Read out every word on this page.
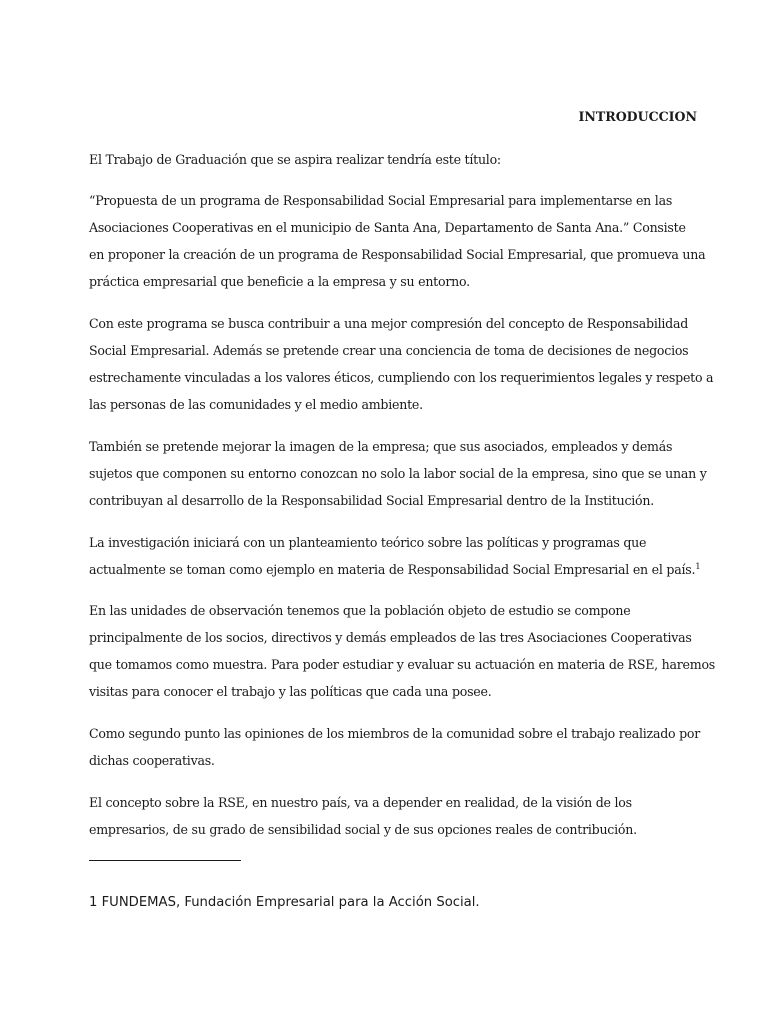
INTRODUCCION

El Trabajo de Graduación que se aspira realizar tendría este título:

“Propuesta de un programa de Responsabilidad Social Empresarial para implementarse en las
Asociaciones Cooperativas en el municipio de Santa Ana, Departamento de Santa Ana.” Consiste
en proponer la creación de un programa de Responsabilidad Social Empresarial, que promueva una
práctica empresarial que beneficie a la empresa y su entorno.

Con este programa se busca contribuir a una mejor compresión del concepto de Responsabilidad
Social Empresarial. Además se pretende crear una conciencia de toma de decisiones de negocios
estrechamente vinculadas a los valores éticos, cumpliendo con los requerimientos legales y respeto a
las personas de las comunidades y el medio ambiente.

También se pretende mejorar la imagen de la empresa; que sus asociados, empleados y demás
sujetos que componen su entorno conozcan no solo la labor social de la empresa, sino que se unan y
contribuyan al desarrollo de la Responsabilidad Social Empresarial dentro de la Institución.

La investigación iniciará con un planteamiento teórico sobre las políticas y programas que
actualmente se toman como ejemplo en materia de Responsabilidad Social Empresarial en el país.$^1$

En las unidades de observación tenemos que la población objeto de estudio se compone
principalmente de los socios, directivos y demás empleados de las tres Asociaciones Cooperativas
que tomamos como muestra. Para poder estudiar y evaluar su actuación en materia de RSE, haremos
visitas para conocer el trabajo y las políticas que cada una posee.

Como segundo punto las opiniones de los miembros de la comunidad sobre el trabajo realizado por
dichas cooperativas.

El concepto sobre la RSE, en nuestro país, va a depender en realidad, de la visión de los
empresarios, de su grado de sensibilidad social y de sus opciones reales de contribución.

1 FUNDEMAS, Fundación Empresarial para la Acción Social.
